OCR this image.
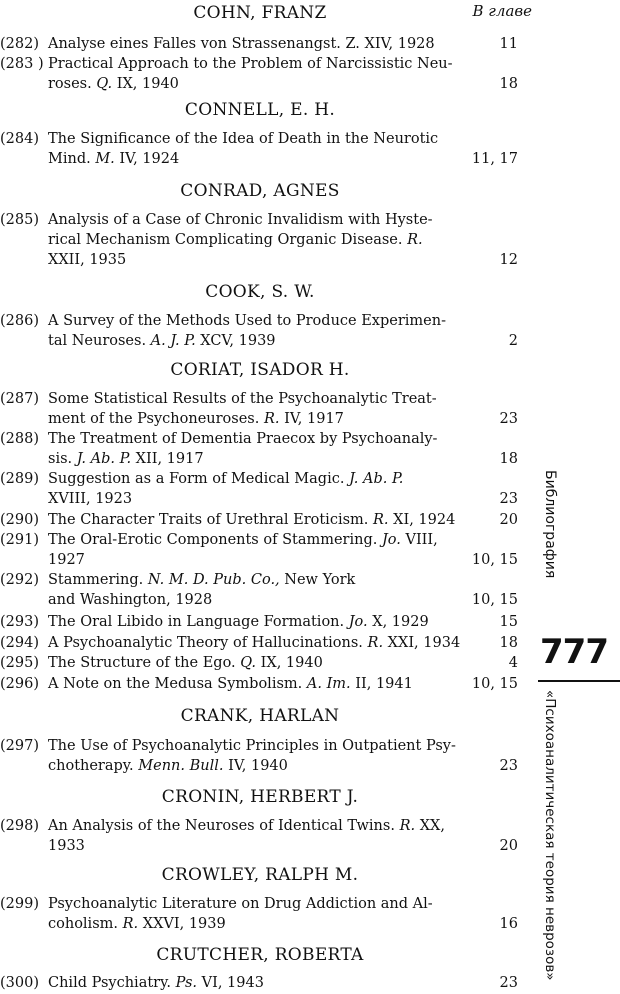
В главе
COHN, FRANZ
(282) Analyse eines Falles von Strassenangst. Z. XIV, 1928	11
(283 ) Practical Approach to the Problem of Narcissistic Neu-
roses. Q. IX, 1940	18
CONNELL, E. H.
(284) The Significance of the Idea of Death in the Neurotic
Mind. M. IV, 1924	11, 17
CONRAD, AGNES
(285) Analysis of a Case of Chronic Invalidism with Hyste-
rical Mechanism Complicating Organic Disease. R.
XXII, 1935	12
COOK, S. W.
(286) A Survey of the Methods Used to Produce Experimen-
tal Neuroses. A. J. P. XCV, 1939	2
CORIAT, ISADOR H.
(287) Some Statistical Results of the Psychoanalytic Treat-
ment of the Psychoneuroses. R. IV, 1917	23
(288) The Treatment of Dementia Praecox by Psychoanaly-
sis. J. Ab. P. XII, 1917	18
(289) Suggestion as a Form of Medical Magic. J. Ab. P.
XVIII, 1923	23
(290) The Character Traits of Urethral Eroticism. R. XI, 1924	20
(291) The Oral-Erotic Components of Stammering. Jo. VIII,
1927	10, 15
(292) Stammering. N. M. D. Pub. Co., New York
and Washington, 1928	10, 15
(293) The Oral Libido in Language Formation. Jo. X, 1929	15
(294) A Psychoanalytic Theory of Hallucinations. R. XXI, 1934	18
(295) The Structure of the Ego. Q. IX, 1940	4
(296) A Note on the Medusa Symbolism. A. Im. II, 1941	10, 15
CRANK, HARLAN
(297) The Use of Psychoanalytic Principles in Outpatient Psy-
chotherapy. Menn. Bull. IV, 1940	23
CRONIN, HERBERT J.
(298) An Analysis of the Neuroses of Identical Twins. R. XX,
1933	20
CROWLEY, RALPH M.
(299) Psychoanalytic Literature on Drug Addiction and Al-
coholism. R. XXVI, 1939	16
CRUTCHER, ROBERTA
(300) Child Psychiatry. Ps. VI, 1943	23
Библиография
777
«Психоаналитическая теория неврозов»
